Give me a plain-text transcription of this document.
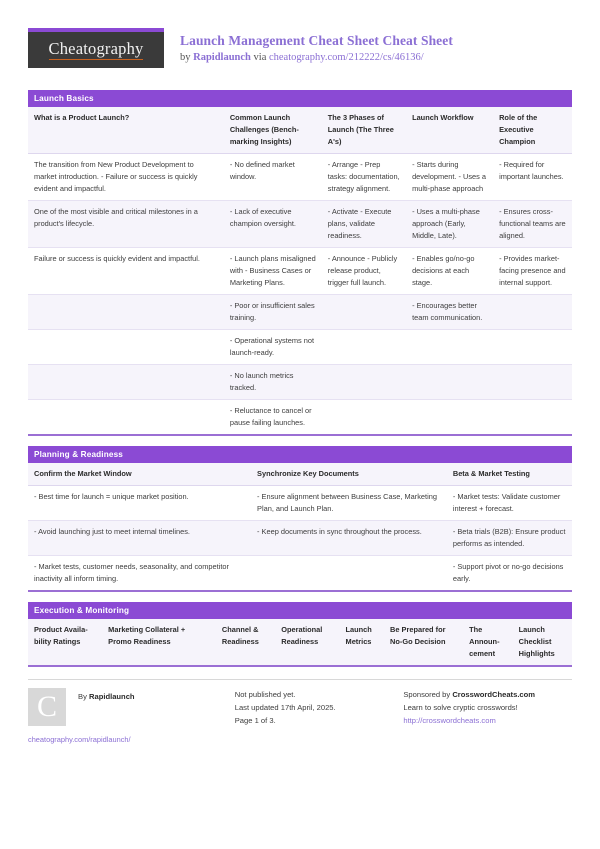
Cheatography	Launch Management Cheat Sheet Cheat Sheet
by Rapidlaunch via cheatography.com/212222/cs/46136/
Launch Basics
What is a Product Launch?	Common Launch Challenges (Benchmarking Insights)	The 3 Phases of Launch (The Three A's)	Launch Workflow	Role of the Executive Champion
The transition from New Product Development to market introduction. - Failure or success is quickly evident and impactful.	- No defined market window.	- Arrange - Prep tasks: documentation, strategy alignment.	- Starts during development. - Uses a multi-phase approach	- Required for important launches.
One of the most visible and critical milestones in a product's lifecycle.	- Lack of executive champion oversight.	- Activate - Execute plans, validate readiness.	- Uses a multi-phase approach (Early, Middle, Late).	- Ensures crossfunctional teams are aligned.
Failure or success is quickly evident and impactful.	- Launch plans misaligned with - Business Cases or Marketing Plans.	- Announce - Publicly release product, trigger full launch.	- Enables go/no-go decisions at each stage.	- Provides market-facing presence and internal support.
	- Poor or insufficient sales training.		- Encourages better team communication.	
	- Operational systems not launch-ready.			
	- No launch metrics tracked.			
	- Reluctance to cancel or pause failing launches.			
Planning & Readiness
Confirm the Market Window	Synchronize Key Documents	Beta & Market Testing
- Best time for launch = unique market position.	- Ensure alignment between Business Case, Marketing Plan, and Launch Plan.	- Market tests: Validate customer interest + forecast.
- Avoid launching just to meet internal timelines.	- Keep documents in sync throughout the process.	- Beta trials (B2B): Ensure product performs as intended.
- Market tests, customer needs, seasonality, and competitor inactivity all inform timing.		- Support pivot or no-go decisions early.
Execution & Monitoring
Product Availability Ratings	Marketing Collateral + Promo Readiness	Channel & Readiness	Operational Readiness	Launch Metrics	Be Prepared for No-Go Decision	The Announcement	Launch Checklist Highlights
C	By Rapidlaunch
cheatography.com/rapidlaunch/
Not published yet.
Last updated 17th April, 2025.
Page 1 of 3.
Sponsored by CrosswordCheats.com
Learn to solve cryptic crosswords!
http://crosswordcheats.com
